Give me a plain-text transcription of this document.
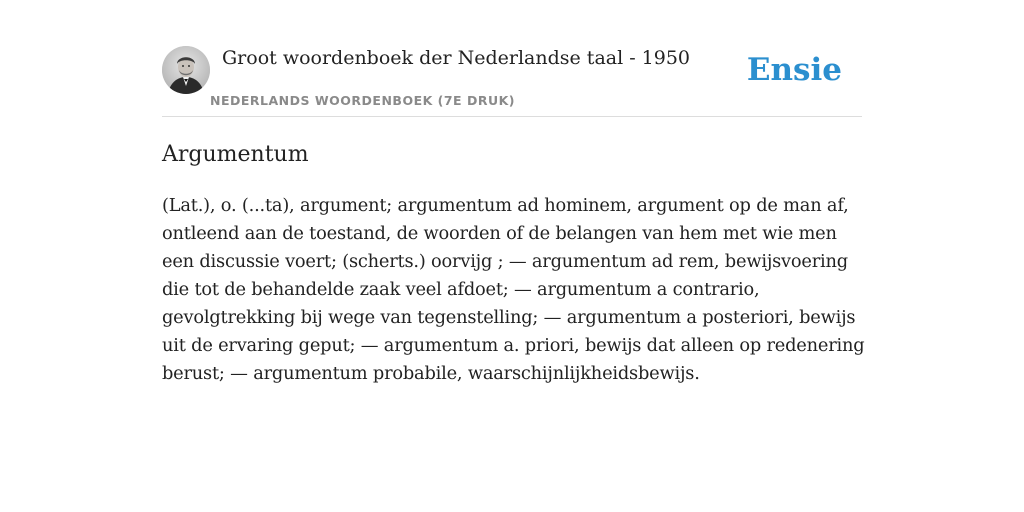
Groot woordenboek der Nederlandse taal - 1950
NEDERLANDS WOORDENBOEK (7E DRUK)
Ensie
Argumentum

(Lat.), o. (...ta), argument; argumentum ad hominem, argument op de man af, ontleend aan de toestand, de woorden of de belangen van hem met wie men een discussie voert; (scherts.) oorvijg ; — argumentum ad rem, bewijsvoering die tot de behandelde zaak veel afdoet; — argumentum a contrario, gevolgtrekking bij wege van tegenstelling; — argumentum a posteriori, bewijs uit de ervaring geput; — argumentum a. priori, bewijs dat alleen op redenering berust; — argumentum probabile, waarschijnlijkheidsbewijs.
